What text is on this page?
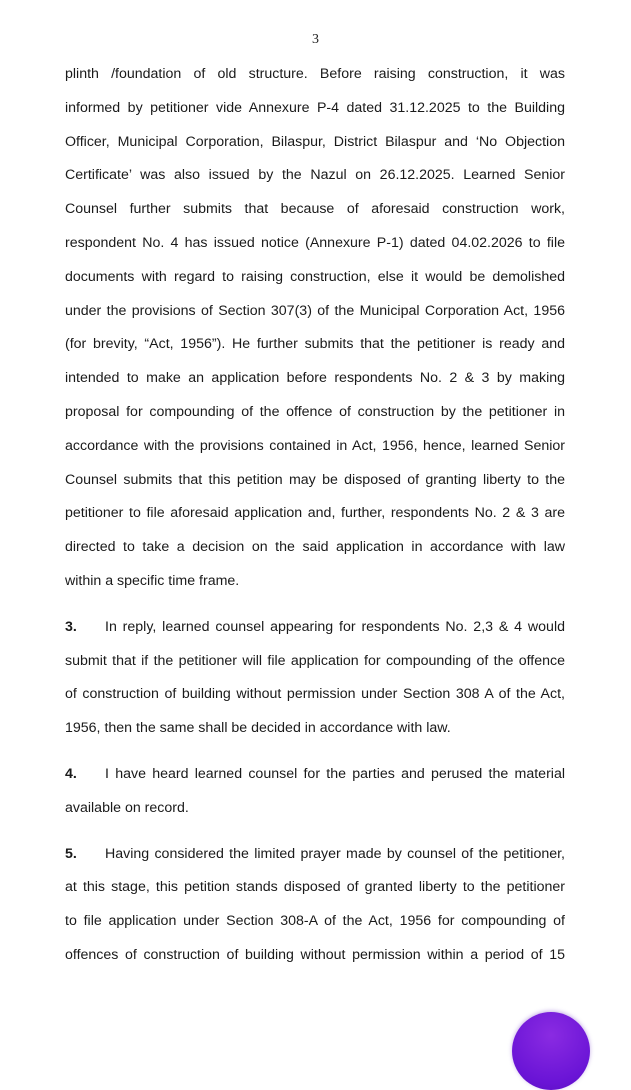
3
plinth /foundation of old structure. Before raising construction, it was
informed by petitioner vide Annexure P-4 dated 31.12.2025 to the Building
Officer, Municipal Corporation, Bilaspur, District Bilaspur and ‘No Objection
Certificate’ was also issued by the Nazul on 26.12.2025. Learned Senior
Counsel further submits that because of aforesaid construction work,
respondent No. 4 has issued notice (Annexure P-1) dated 04.02.2026 to file
documents with regard to raising construction, else it would be demolished
under the provisions of Section 307(3) of the Municipal Corporation Act, 1956
(for brevity, “Act, 1956”). He further submits that the petitioner is ready and
intended to make an application before respondents No. 2 & 3 by making
proposal for compounding of the offence of construction by the petitioner in
accordance with the provisions contained in Act, 1956, hence, learned Senior
Counsel submits that this petition may be disposed of granting liberty to the
petitioner to file aforesaid application and, further, respondents No. 2 & 3 are
directed to take a decision on the said application in accordance with law
within a specific time frame.
3. In reply, learned counsel appearing for respondents No. 2,3 & 4 would
submit that if the petitioner will file application for compounding of the offence
of construction of building without permission under Section 308 A of the Act,
1956, then the same shall be decided in accordance with law.
4. I have heard learned counsel for the parties and perused the material
available on record.
5. Having considered the limited prayer made by counsel of the petitioner,
at this stage, this petition stands disposed of granted liberty to the petitioner
to file application under Section 308-A of the Act, 1956 for compounding of
offences of construction of building without permission within a period of 15
